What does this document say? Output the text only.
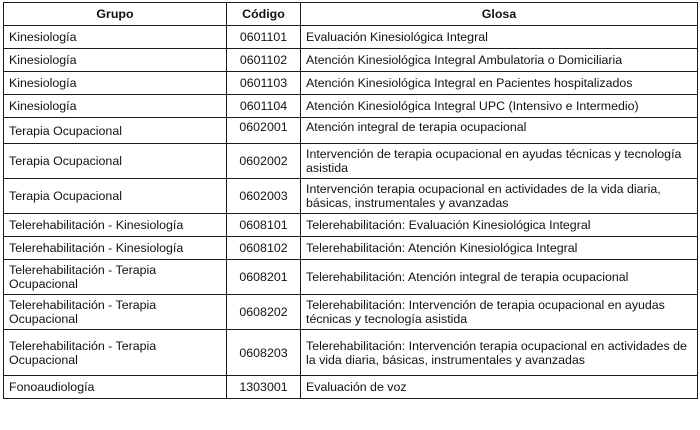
Grupo	Código	Glosa
Kinesiología	0601101	Evaluación Kinesiológica Integral
Kinesiología	0601102	Atención Kinesiológica Integral Ambulatoria o Domiciliaria
Kinesiología	0601103	Atención Kinesiológica Integral en Pacientes hospitalizados
Kinesiología	0601104	Atención Kinesiológica Integral UPC (Intensivo e Intermedio)
Terapia Ocupacional	0602001	Atención integral de terapia ocupacional
Terapia Ocupacional	0602002	Intervención de terapia ocupacional en ayudas técnicas y tecnología asistida
Terapia Ocupacional	0602003	Intervención terapia ocupacional en actividades de la vida diaria, básicas, instrumentales y avanzadas
Telerehabilitación - Kinesiología	0608101	Telerehabilitación: Evaluación Kinesiológica Integral
Telerehabilitación - Kinesiología	0608102	Telerehabilitación: Atención Kinesiológica Integral
Telerehabilitación - Terapia Ocupacional	0608201	Telerehabilitación: Atención integral de terapia ocupacional
Telerehabilitación - Terapia Ocupacional	0608202	Telerehabilitación: Intervención de terapia ocupacional en ayudas técnicas y tecnología asistida
Telerehabilitación - Terapia Ocupacional	0608203	Telerehabilitación: Intervención terapia ocupacional en actividades de la vida diaria, básicas, instrumentales y avanzadas
Fonoaudiología	1303001	Evaluación de voz
